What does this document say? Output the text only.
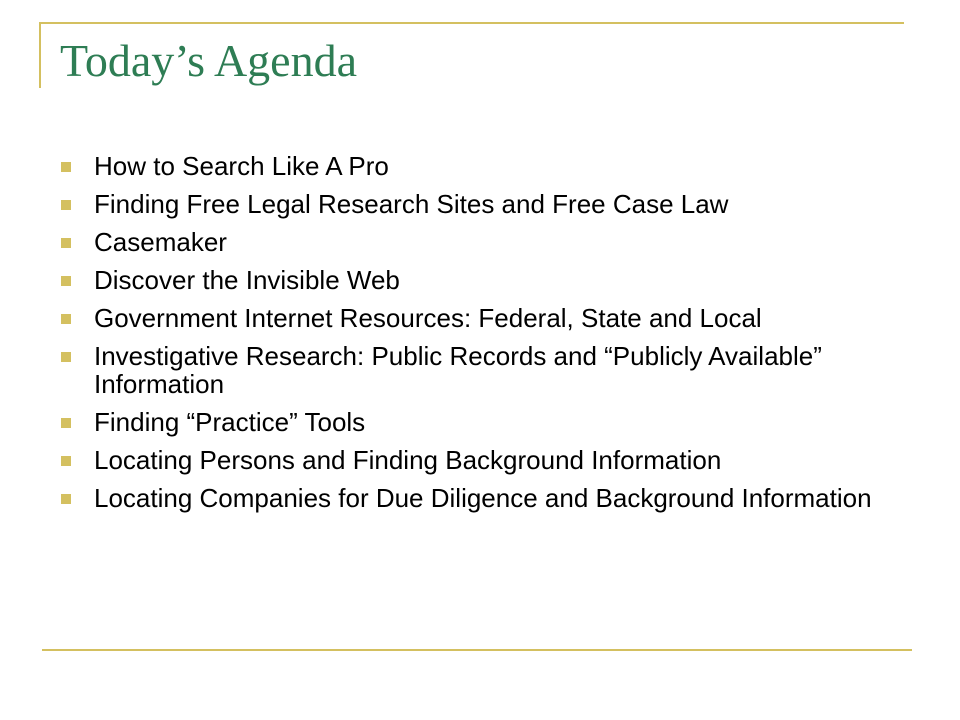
Today’s Agenda
How to Search Like A Pro
Finding Free Legal Research Sites and Free Case Law
Casemaker
Discover the Invisible Web
Government Internet Resources: Federal, State and Local
Investigative Research: Public Records and “Publicly Available” Information
Finding “Practice” Tools
Locating Persons and Finding Background Information
Locating Companies for Due Diligence and Background Information
